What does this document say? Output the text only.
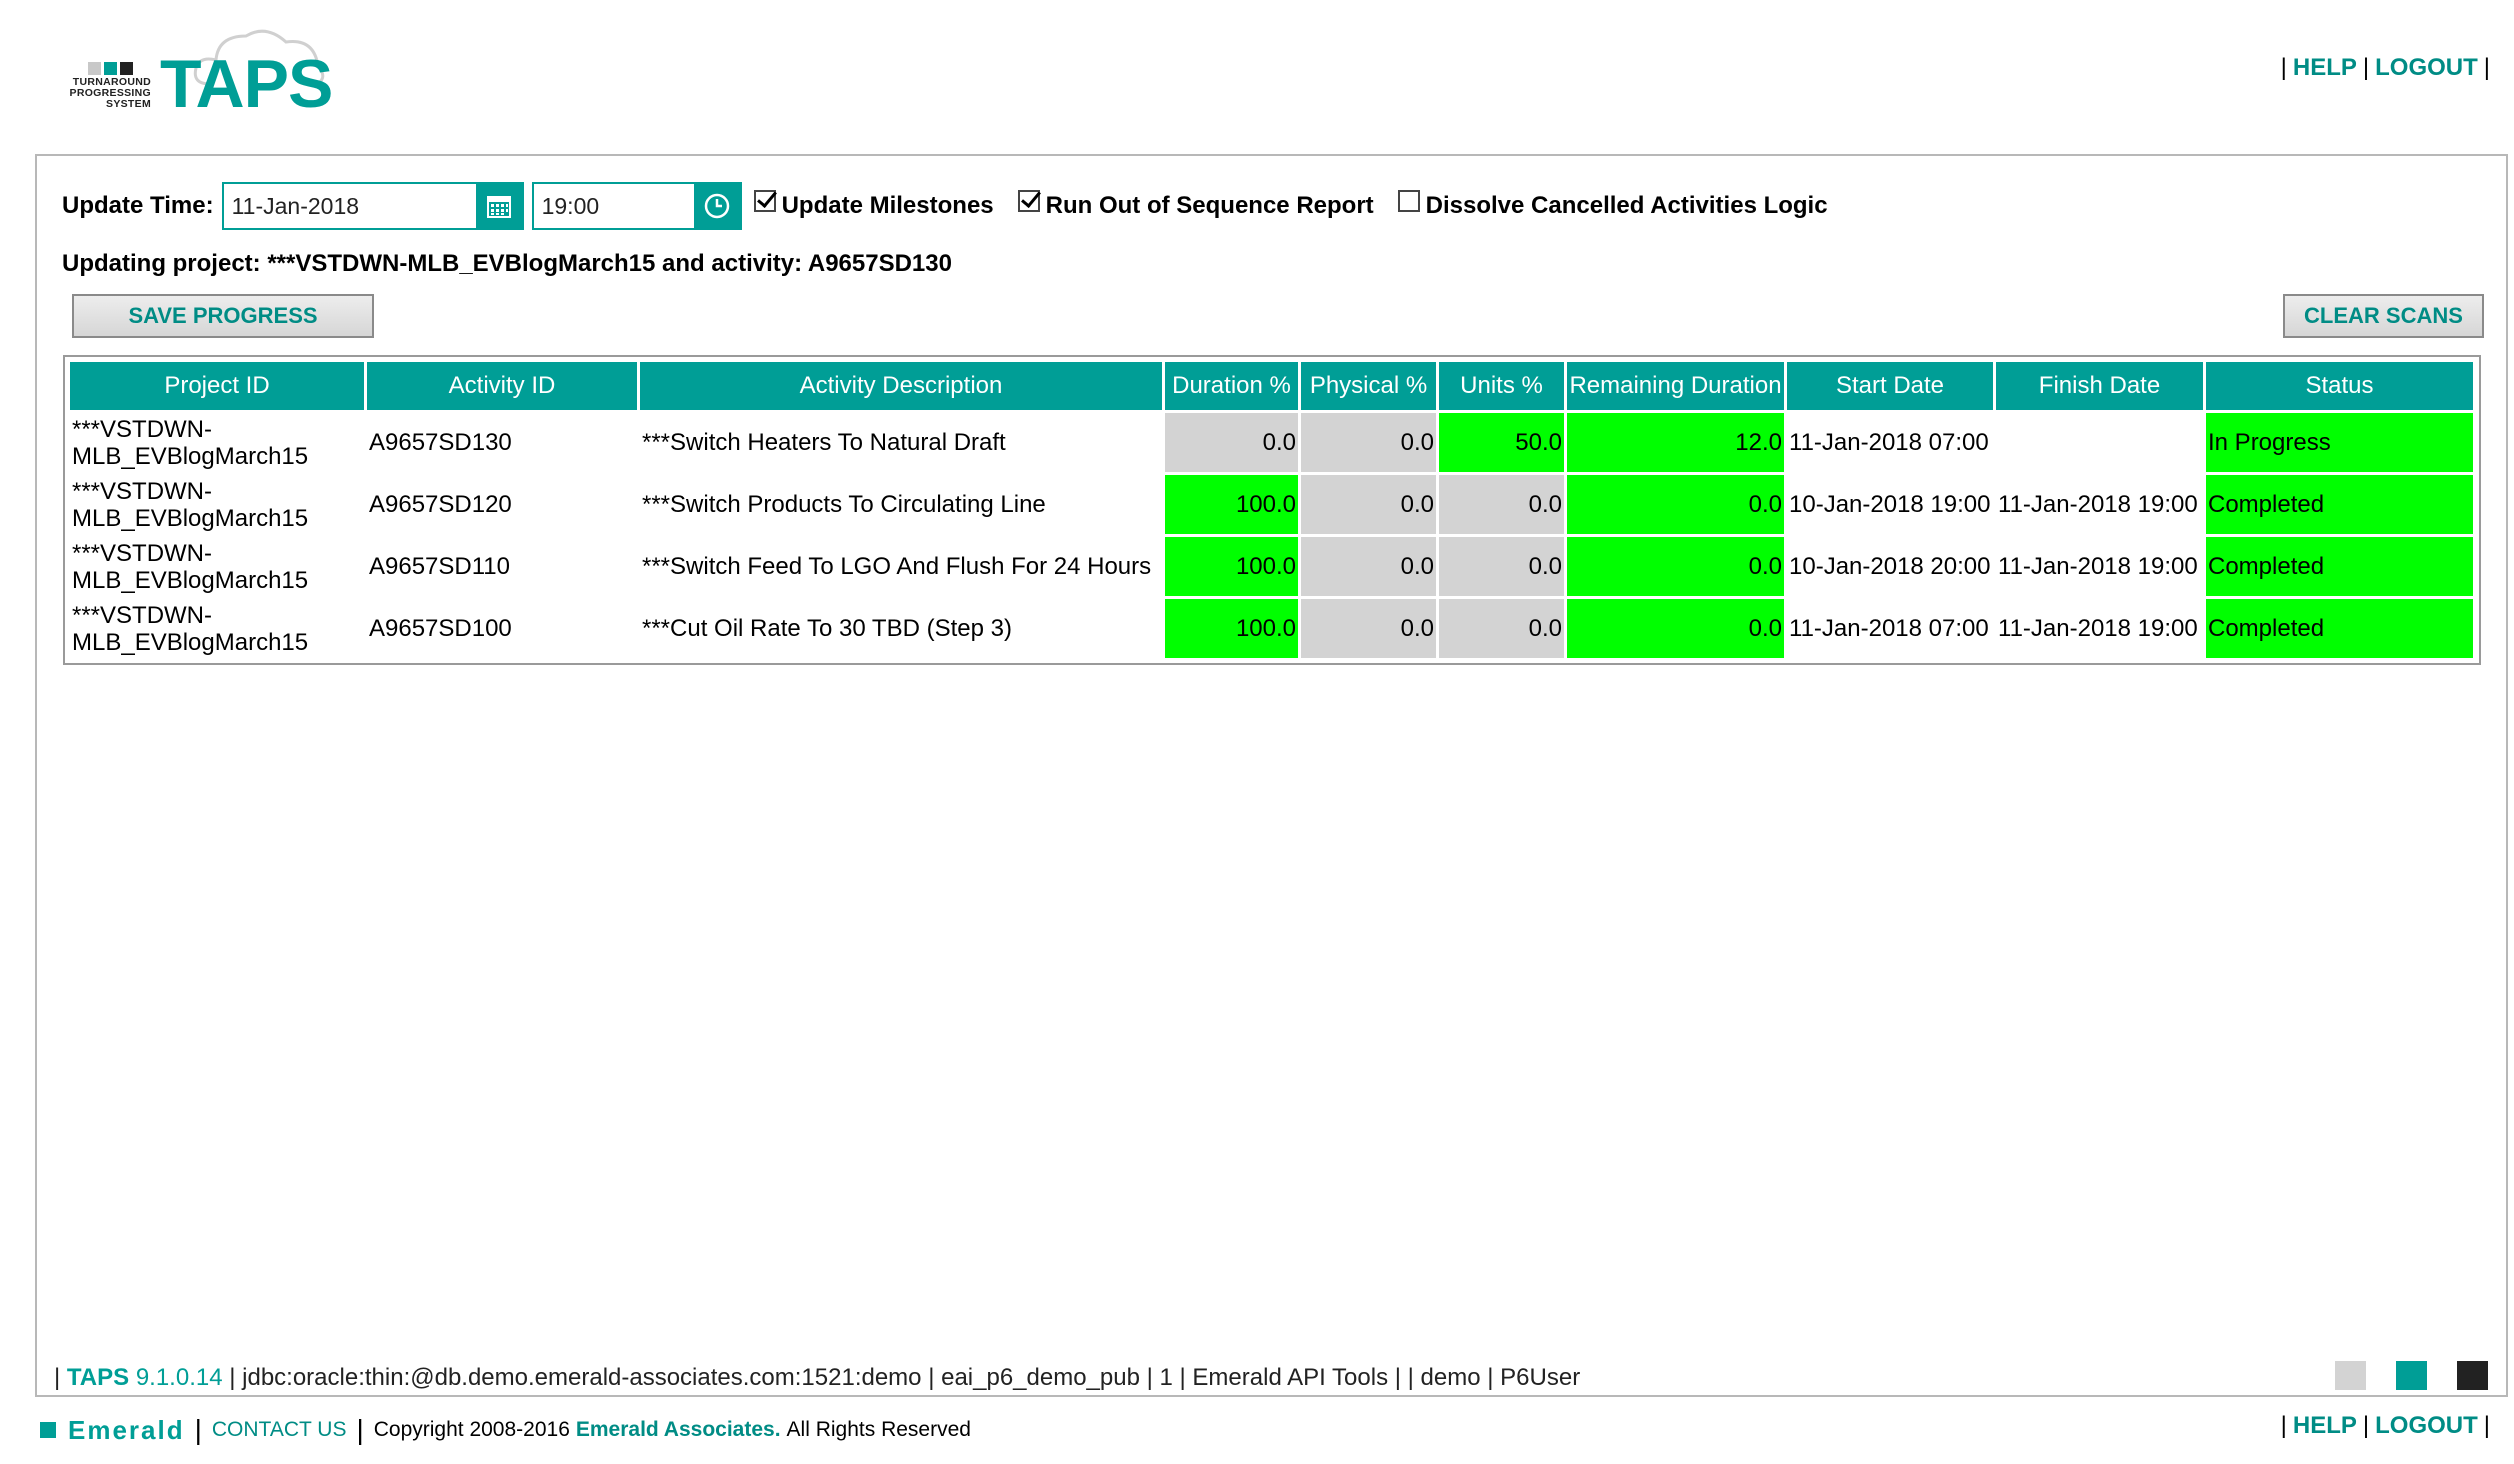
TURNAROUND
PROGRESSING
SYSTEM TAPS	| HELP | LOGOUT |
Update Time:
11-Jan-2018
19:00	Update Milestones Run Out of Sequence Report Dissolve Cancelled Activities Logic
Updating project: ***VSTDWN-MLB_EVBlogMarch15 and activity: A9657SD130
SAVE PROGRESS	CLEAR SCANS
Project ID	Activity ID	Activity Description	Duration %	Physical %	Units %	Remaining Duration	Start Date	Finish Date	Status
***VSTDWN-MLB_EVBlogMarch15	A9657SD130	***Switch Heaters To Natural Draft	0.0	0.0	50.0	12.0	11-Jan-2018 07:00		In Progress
***VSTDWN-MLB_EVBlogMarch15	A9657SD120	***Switch Products To Circulating Line	100.0	0.0	0.0	0.0	10-Jan-2018 19:00	11-Jan-2018 19:00	Completed
***VSTDWN-MLB_EVBlogMarch15	A9657SD110	***Switch Feed To LGO And Flush For 24 Hours	100.0	0.0	0.0	0.0	10-Jan-2018 20:00	11-Jan-2018 19:00	Completed
***VSTDWN-MLB_EVBlogMarch15	A9657SD100	***Cut Oil Rate To 30 TBD (Step 3)	100.0	0.0	0.0	0.0	11-Jan-2018 07:00	11-Jan-2018 19:00	Completed
| TAPS 9.1.0.14 | jdbc:oracle:thin:@db.demo.emerald-associates.com:1521:demo | eai_p6_demo_pub | 1 | Emerald API Tools | | demo | P6User
Emerald | CONTACT US | Copyright 2008-2016 Emerald Associates. All Rights Reserved	| HELP | LOGOUT |
